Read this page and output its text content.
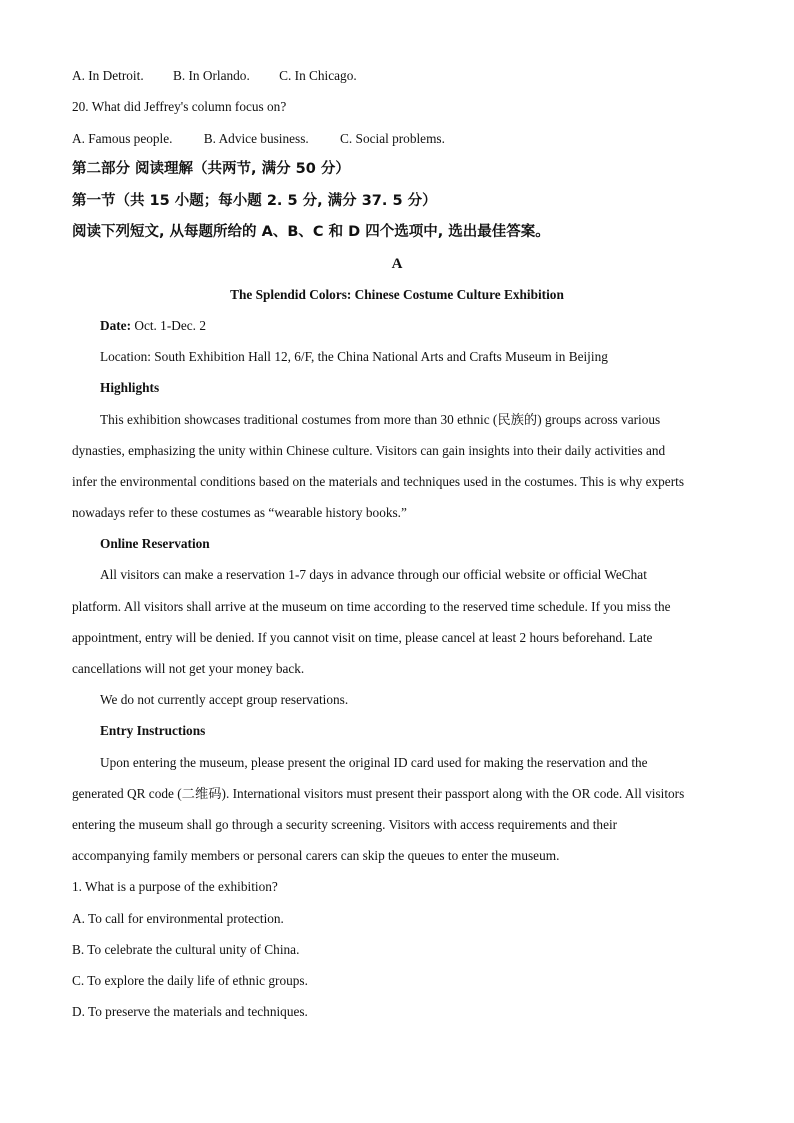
A. In Detroit. B. In Orlando. C. In Chicago.
20. What did Jeffrey's column focus on?
A. Famous people. B. Advice business. C. Social problems.
第二部分 阅读理解（共两节, 满分 50 分）
第一节（共 15 小题；每小题 2. 5 分, 满分 37. 5 分）
阅读下列短文, 从每题所给的 A、B、C 和 D 四个选项中, 选出最佳答案。
A
The Splendid Colors: Chinese Costume Culture Exhibition
Date: Oct. 1-Dec. 2
Location: South Exhibition Hall 12, 6/F, the China National Arts and Crafts Museum in Beijing
Highlights
This exhibition showcases traditional costumes from more than 30 ethnic (民族的) groups across various
dynasties, emphasizing the unity within Chinese culture. Visitors can gain insights into their daily activities and
infer the environmental conditions based on the materials and techniques used in the costumes. This is why experts
nowadays refer to these costumes as “wearable history books.”
Online Reservation
All visitors can make a reservation 1-7 days in advance through our official website or official WeChat
platform. All visitors shall arrive at the museum on time according to the reserved time schedule. If you miss the
appointment, entry will be denied. If you cannot visit on time, please cancel at least 2 hours beforehand. Late
cancellations will not get your money back.
We do not currently accept group reservations.
Entry Instructions
Upon entering the museum, please present the original ID card used for making the reservation and the
generated QR code (二维码). International visitors must present their passport along with the OR code. All visitors
entering the museum shall go through a security screening. Visitors with access requirements and their
accompanying family members or personal carers can skip the queues to enter the museum.
1. What is a purpose of the exhibition?
A. To call for environmental protection.
B. To celebrate the cultural unity of China.
C. To explore the daily life of ethnic groups.
D. To preserve the materials and techniques.
